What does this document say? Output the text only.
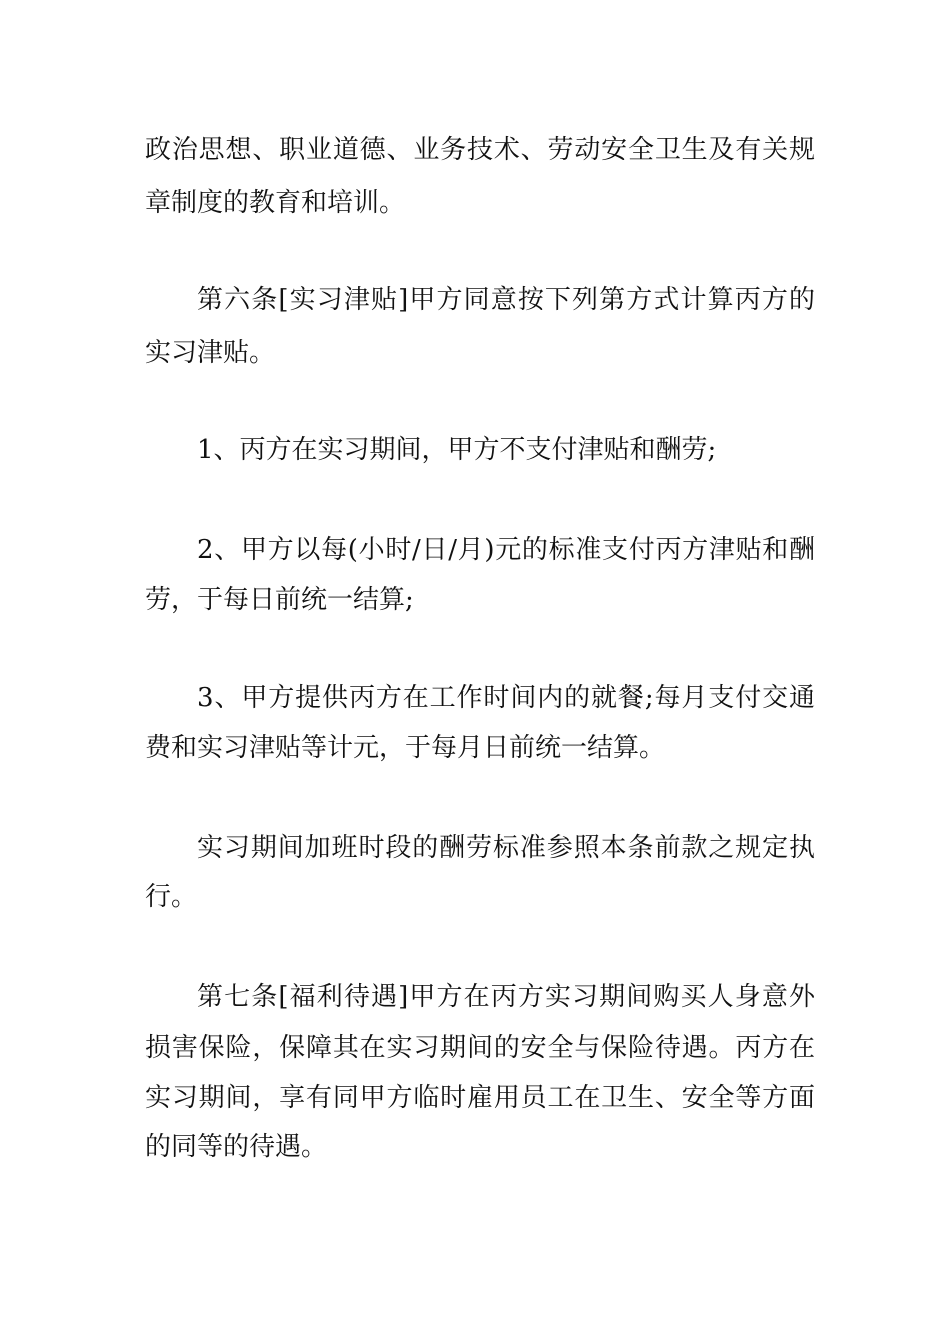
政治思想、职业道德、业务技术、劳动安全卫生及有关规

章制度的教育和培训。

第六条[实习津贴]甲方同意按下列第方式计算丙方的

实习津贴。

1、丙方在实习期间，甲方不支付津贴和酬劳;

2、甲方以每(小时/日/月)元的标准支付丙方津贴和酬

劳，于每日前统一结算;

3、甲方提供丙方在工作时间内的就餐;每月支付交通

费和实习津贴等计元，于每月日前统一结算。

实习期间加班时段的酬劳标准参照本条前款之规定执

行。

第七条[福利待遇]甲方在丙方实习期间购买人身意外

损害保险，保障其在实习期间的安全与保险待遇。丙方在

实习期间，享有同甲方临时雇用员工在卫生、安全等方面

的同等的待遇。
